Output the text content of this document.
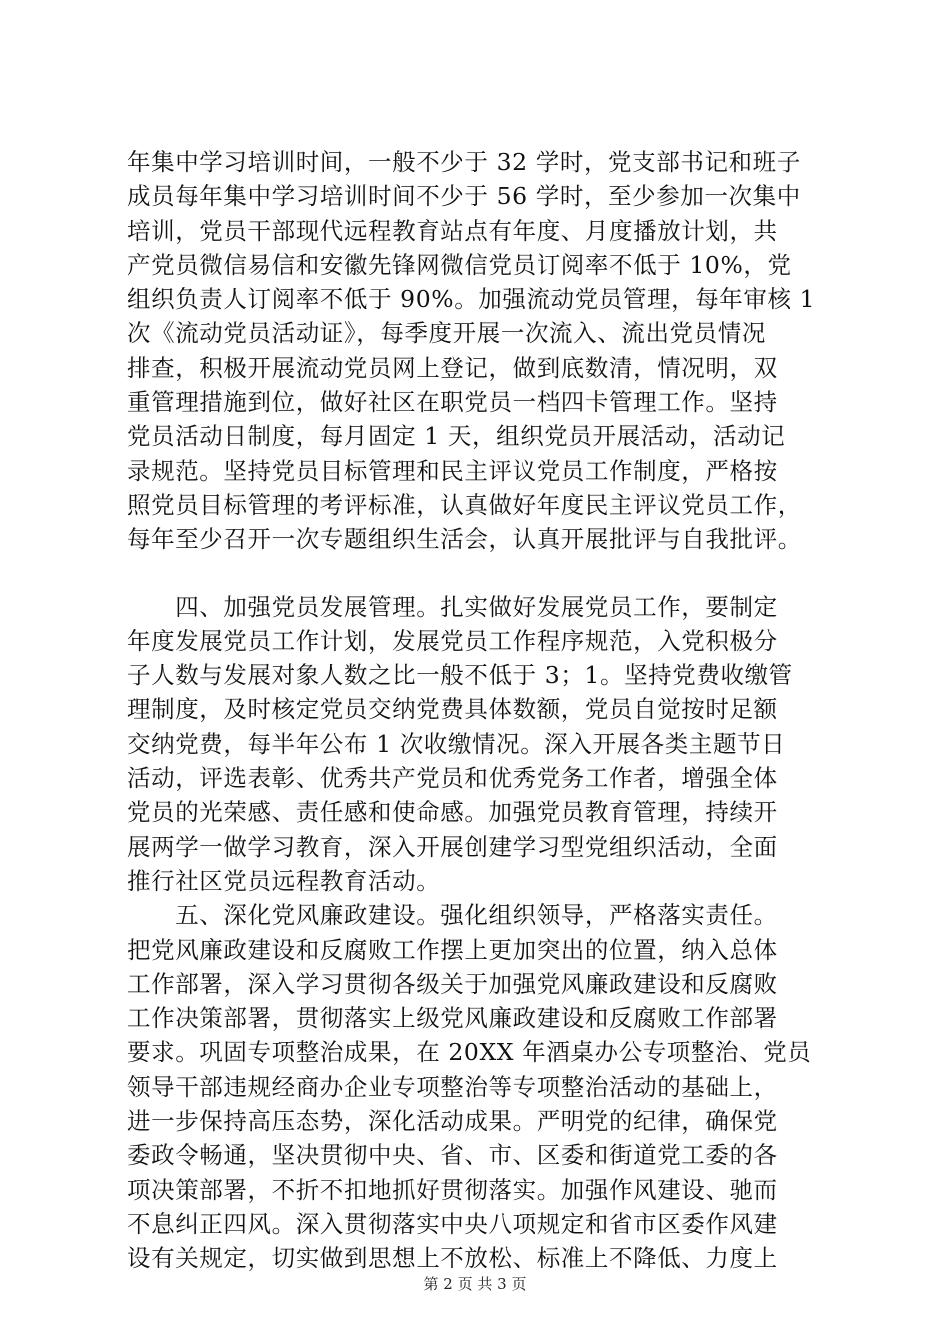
年集中学习培训时间，一般不少于 32 学时，党支部书记和班子
成员每年集中学习培训时间不少于 56 学时，至少参加一次集中
培训，党员干部现代远程教育站点有年度、月度播放计划，共
产党员微信易信和安徽先锋网微信党员订阅率不低于 10%，党
组织负责人订阅率不低于 90%。加强流动党员管理，每年审核 1
次《流动党员活动证》，每季度开展一次流入、流出党员情况
排查，积极开展流动党员网上登记，做到底数清，情况明，双
重管理措施到位，做好社区在职党员一档四卡管理工作。坚持
党员活动日制度，每月固定 1 天，组织党员开展活动，活动记
录规范。坚持党员目标管理和民主评议党员工作制度，严格按
照党员目标管理的考评标准，认真做好年度民主评议党员工作，
每年至少召开一次专题组织生活会，认真开展批评与自我批评。
　　四、加强党员发展管理。扎实做好发展党员工作，要制定
年度发展党员工作计划，发展党员工作程序规范，入党积极分
子人数与发展对象人数之比一般不低于 3；1。坚持党费收缴管
理制度，及时核定党员交纳党费具体数额，党员自觉按时足额
交纳党费，每半年公布 1 次收缴情况。深入开展各类主题节日
活动，评选表彰、优秀共产党员和优秀党务工作者，增强全体
党员的光荣感、责任感和使命感。加强党员教育管理，持续开
展两学一做学习教育，深入开展创建学习型党组织活动，全面
推行社区党员远程教育活动。
　　五、深化党风廉政建设。强化组织领导，严格落实责任。
把党风廉政建设和反腐败工作摆上更加突出的位置，纳入总体
工作部署，深入学习贯彻各级关于加强党风廉政建设和反腐败
工作决策部署，贯彻落实上级党风廉政建设和反腐败工作部署
要求。巩固专项整治成果，在 20XX 年酒桌办公专项整治、党员
领导干部违规经商办企业专项整治等专项整治活动的基础上，
进一步保持高压态势，深化活动成果。严明党的纪律，确保党
委政令畅通，坚决贯彻中央、省、市、区委和街道党工委的各
项决策部署，不折不扣地抓好贯彻落实。加强作风建设、驰而
不息纠正四风。深入贯彻落实中央八项规定和省市区委作风建
设有关规定，切实做到思想上不放松、标准上不降低、力度上
第 2 页 共 3 页
